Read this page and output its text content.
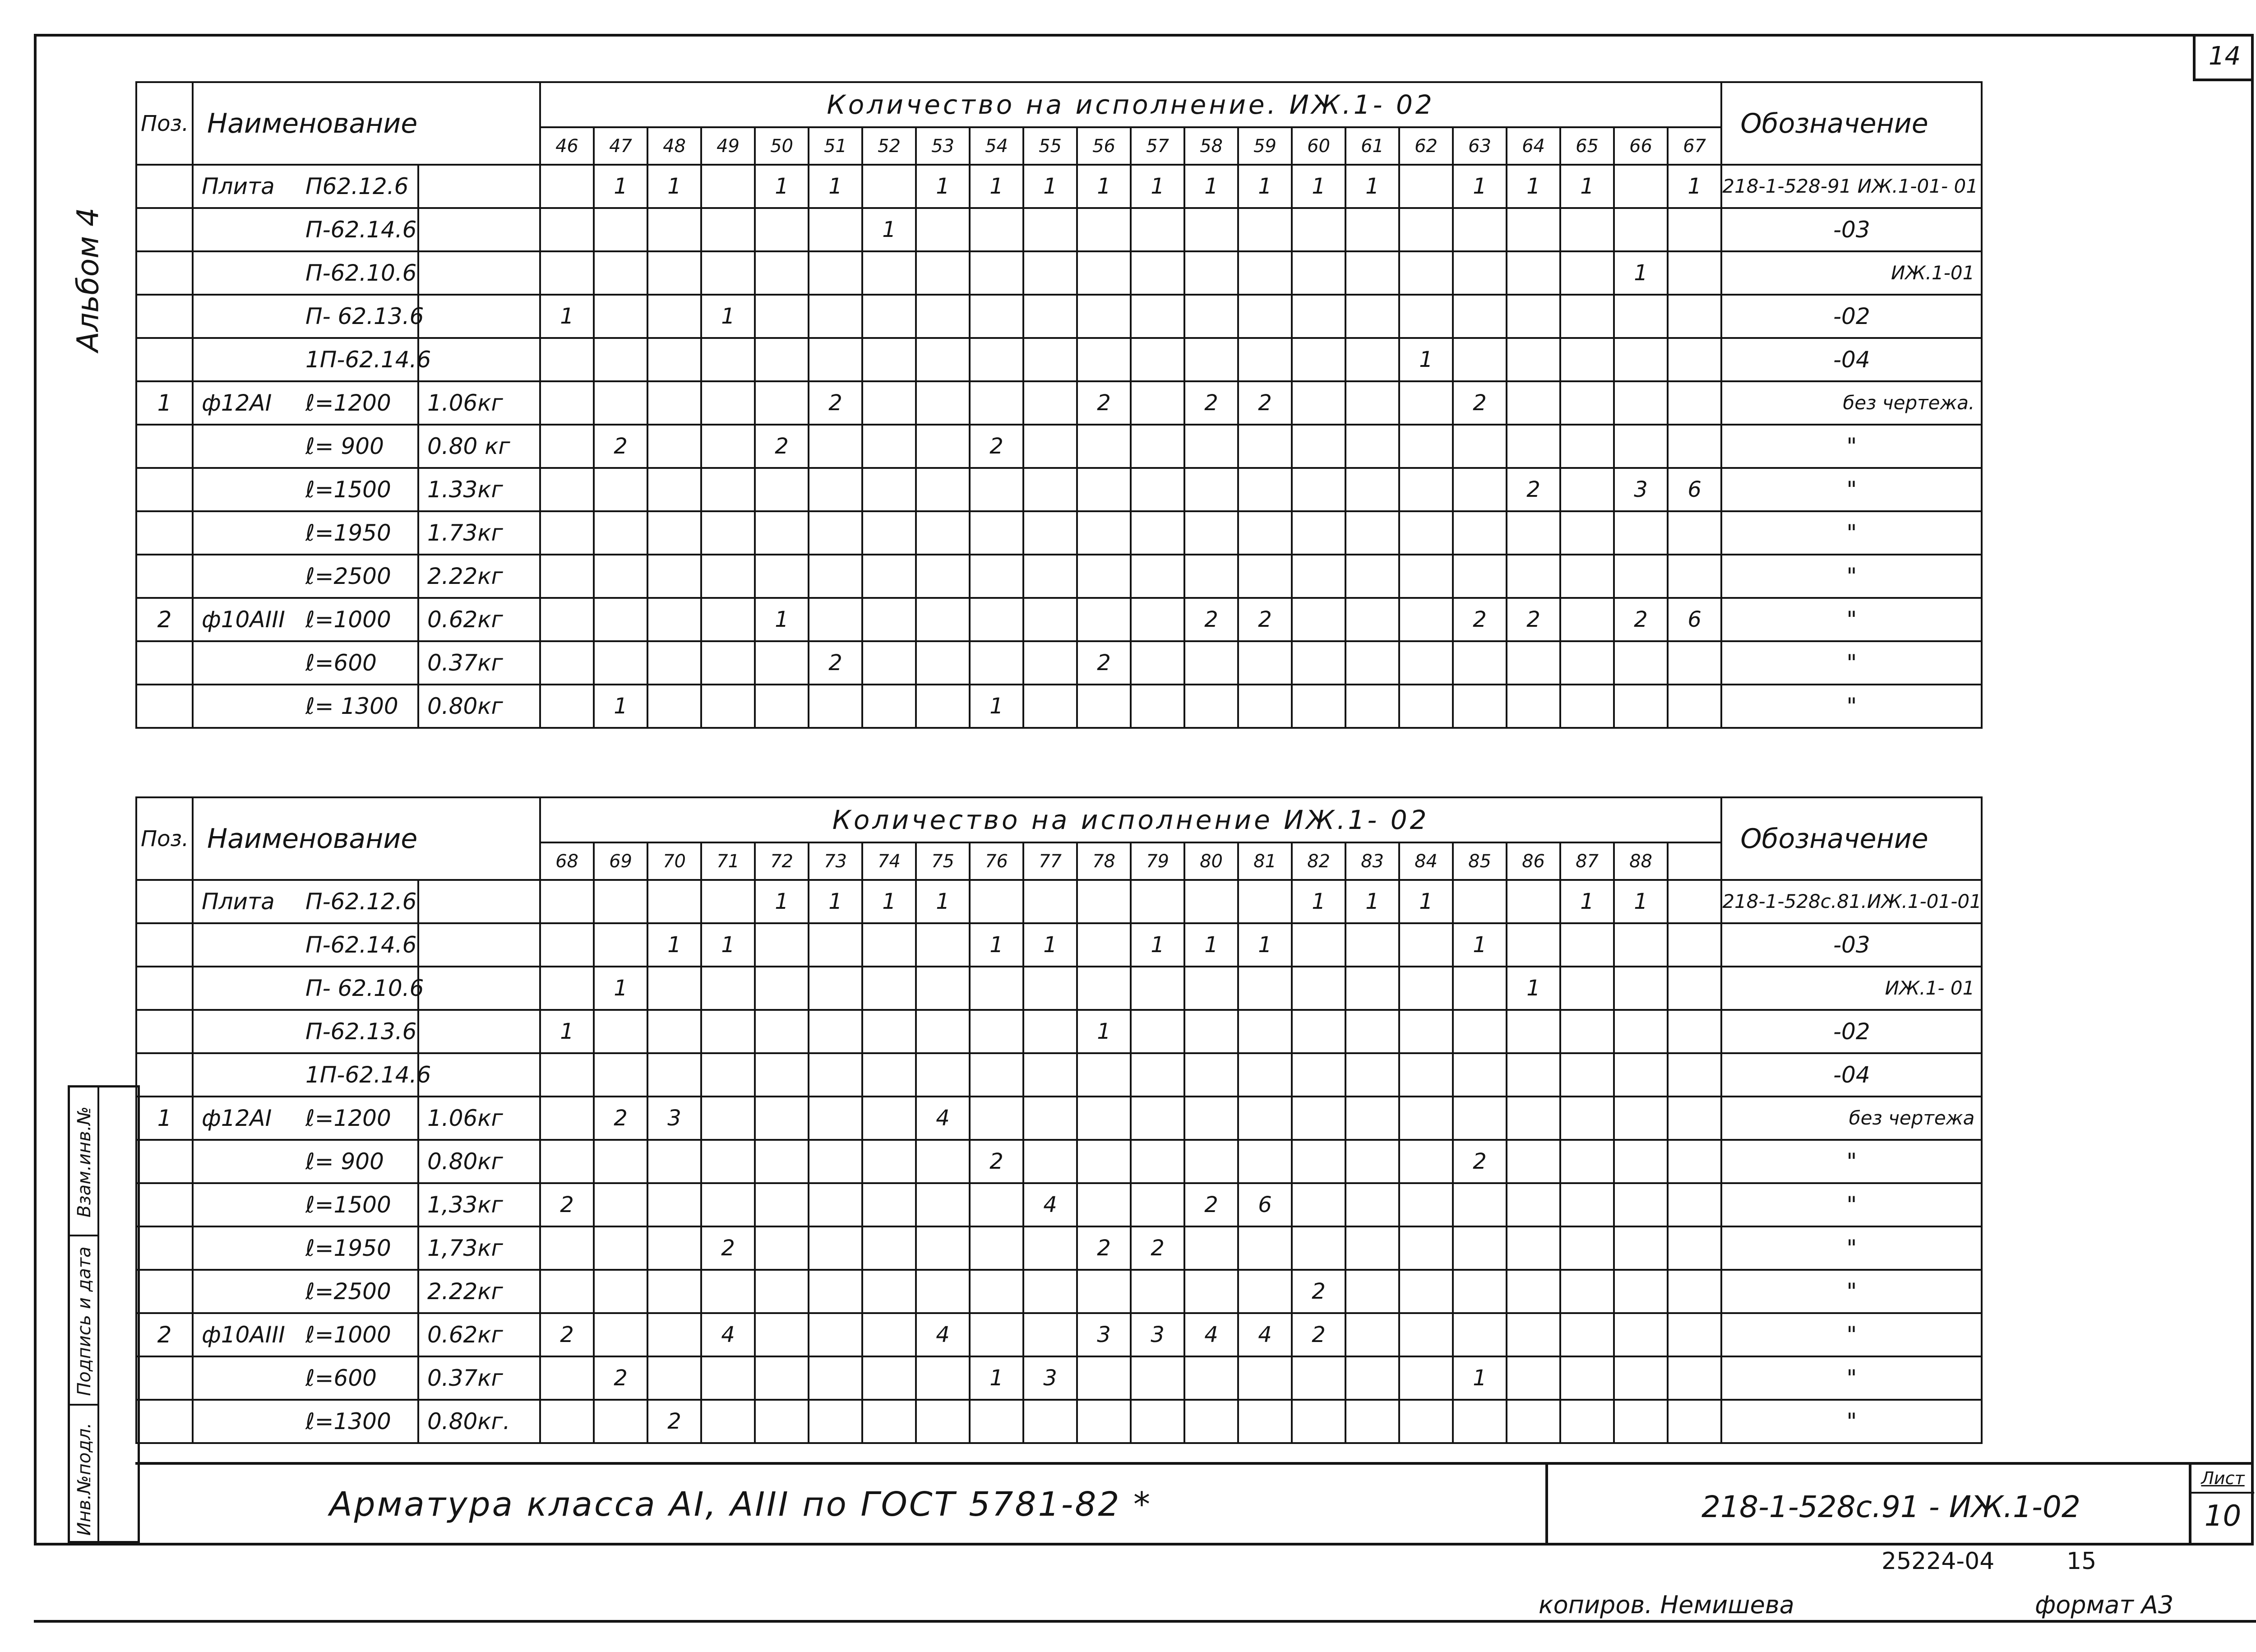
14
Альбом 4
Поз.	Наименование		Количество на исполнение. ИЖ.1- 02																						Обозначение
			46	47	48	49	50	51	52	53	54	55	56	57	58	59	60	61	62	63	64	65	66	67	
	Плита П62.12.6			1	1		1	1		1	1	1	1	1	1	1	1	1		1	1	1		1	218-1-528-91 ИЖ.1-01- 01
	П-62.14.6								1																-03
	П-62.10.6																						1		ИЖ.1-01
	П- 62.13.6		1			1																			-02
	1П-62.14.6																		1						-04
1	ф12АI ℓ=1200	1.06кг						2					2		2	2				2					без чертежа.
	ℓ= 900	0.80 кг		2			2				2														"
	ℓ=1500	1.33кг																			2		3	6	"
	ℓ=1950	1.73кг																							"
	ℓ=2500	2.22кг																							"
2	ф10АIII ℓ=1000	0.62кг					1								2	2				2	2		2	6	"
	ℓ=600	0.37кг						2					2												"
	ℓ= 1300	0.80кг		1							1														"
Поз.	Наименование		Количество на исполнение ИЖ.1- 02																						Обозначение
			68	69	70	71	72	73	74	75	76	77	78	79	80	81	82	83	84	85	86	87	88		
	Плита П-62.12.6						1	1	1	1							1	1	1			1	1		218-1-528с.81.ИЖ.1-01-01
	П-62.14.6				1	1					1	1		1	1	1				1					-03
	П- 62.10.6			1																	1				ИЖ.1- 01
	П-62.13.6		1										1												-02
	1П-62.14.6																								-04
1	ф12АI ℓ=1200	1.06кг		2	3					4															без чертежа
	ℓ= 900	0.80кг									2									2					"
	ℓ=1500	1,33кг	2									4			2	6									"
	ℓ=1950	1,73кг				2							2	2											"
	ℓ=2500	2.22кг															2								"
2	ф10АIII ℓ=1000	0.62кг	2			4				4			3	3	4	4	2								"
	ℓ=600	0.37кг		2							1	3								1					"
	ℓ=1300	0.80кг.			2																				"
Инв.№подл.
Подпись и дата
Взам.инв.№
Арматура класса АI, АIII по ГОСТ 5781-82 *	218-1-528с.91 - ИЖ.1-02
Лист
10
25224-04	15
копиров. Немишева	формат А3
